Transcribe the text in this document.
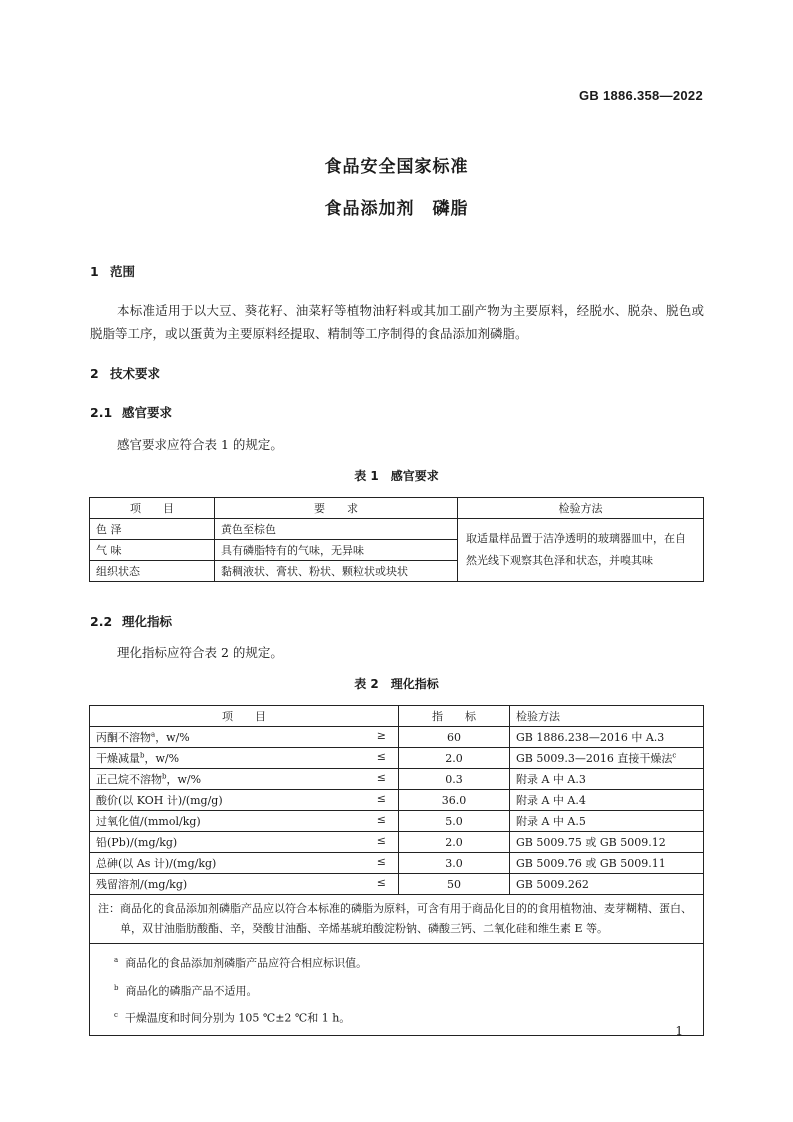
GB 1886.358—2022
食品安全国家标准
食品添加剂　磷脂
1 范围
本标准适用于以大豆、葵花籽、油菜籽等植物油籽料或其加工副产物为主要原料，经脱水、脱杂、脱色或脱脂等工序，或以蛋黄为主要原料经提取、精制等工序制得的食品添加剂磷脂。
2 技术要求
2.1 感官要求
感官要求应符合表 1 的规定。
表 1　感官要求
项　　目	要　　求	检验方法
色 泽	黄色至棕色	取适量样品置于洁净透明的玻璃器皿中，在自然光线下观察其色泽和状态，并嗅其味
气 味	具有磷脂特有的气味，无异味	
组织状态	黏稠液状、膏状、粉状、颗粒状或块状	
2.2 理化指标
理化指标应符合表 2 的规定。
表 2　理化指标
项　　目	指　　标	检验方法
丙酮不溶物$^a$，w/% ≥	60	GB 1886.238—2016 中 A.3
干燥减量$^b$，w/% ≤	2.0	GB 5009.3—2016 直接干燥法$^c$
正己烷不溶物$^b$，w/% ≤	0.3	附录 A 中 A.3
酸价(以 KOH 计)/(mg/g) ≤	36.0	附录 A 中 A.4
过氧化值/(mmol/kg) ≤	5.0	附录 A 中 A.5
铅(Pb)/(mg/kg) ≤	2.0	GB 5009.75 或 GB 5009.12
总砷(以 As 计)/(mg/kg) ≤	3.0	GB 5009.76 或 GB 5009.11
残留溶剂/(mg/kg) ≤	50	GB 5009.262
注：商品化的食品添加剂磷脂产品应以符合本标准的磷脂为原料，可含有用于商品化目的的食用植物油、麦芽糊精、蛋白、单，双甘油脂肪酸酯、辛，癸酸甘油酯、辛烯基琥珀酸淀粉钠、磷酸三钙、二氧化硅和维生素 E 等。		

$^a$ 商品化的食品添加剂磷脂产品应符合相应标识值。
$^b$ 商品化的磷脂产品不适用。
$^c$ 干燥温度和时间分别为 105 ℃±2 ℃和 1 h。		
1
